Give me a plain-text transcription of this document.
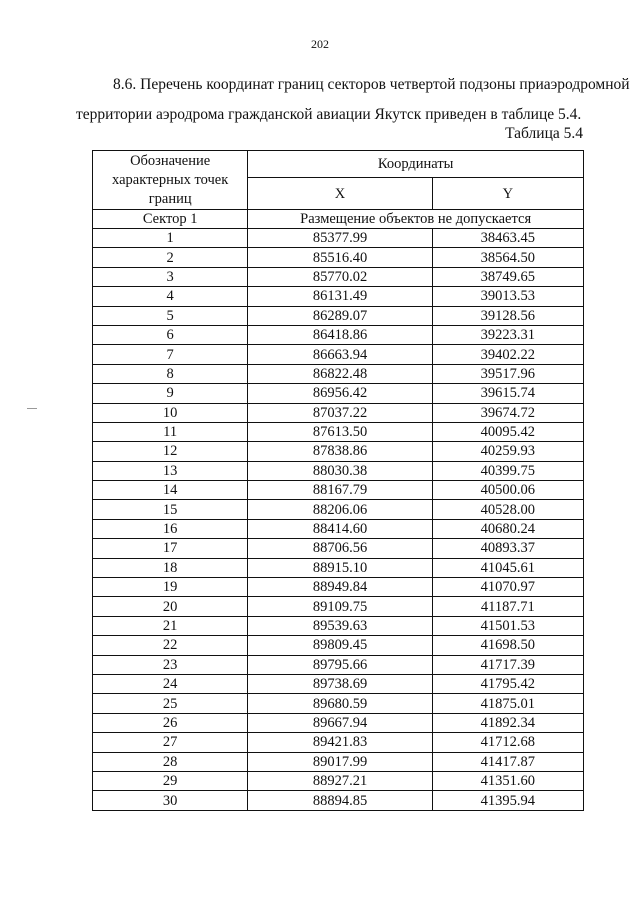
202

8.6. Перечень координат границ секторов четвертой подзоны приаэродромной
территории аэродрома гражданской авиации Якутск приведен в таблице 5.4.

Таблица 5.4
Обозначение характерных точек границ	Координаты	
	X	Y
Сектор 1	Размещение объектов не допускается	
1	85377.99	38463.45
2	85516.40	38564.50
3	85770.02	38749.65
4	86131.49	39013.53
5	86289.07	39128.56
6	86418.86	39223.31
7	86663.94	39402.22
8	86822.48	39517.96
9	86956.42	39615.74
10	87037.22	39674.72
11	87613.50	40095.42
12	87838.86	40259.93
13	88030.38	40399.75
14	88167.79	40500.06
15	88206.06	40528.00
16	88414.60	40680.24
17	88706.56	40893.37
18	88915.10	41045.61
19	88949.84	41070.97
20	89109.75	41187.71
21	89539.63	41501.53
22	89809.45	41698.50
23	89795.66	41717.39
24	89738.69	41795.42
25	89680.59	41875.01
26	89667.94	41892.34
27	89421.83	41712.68
28	89017.99	41417.87
29	88927.21	41351.60
30	88894.85	41395.94
